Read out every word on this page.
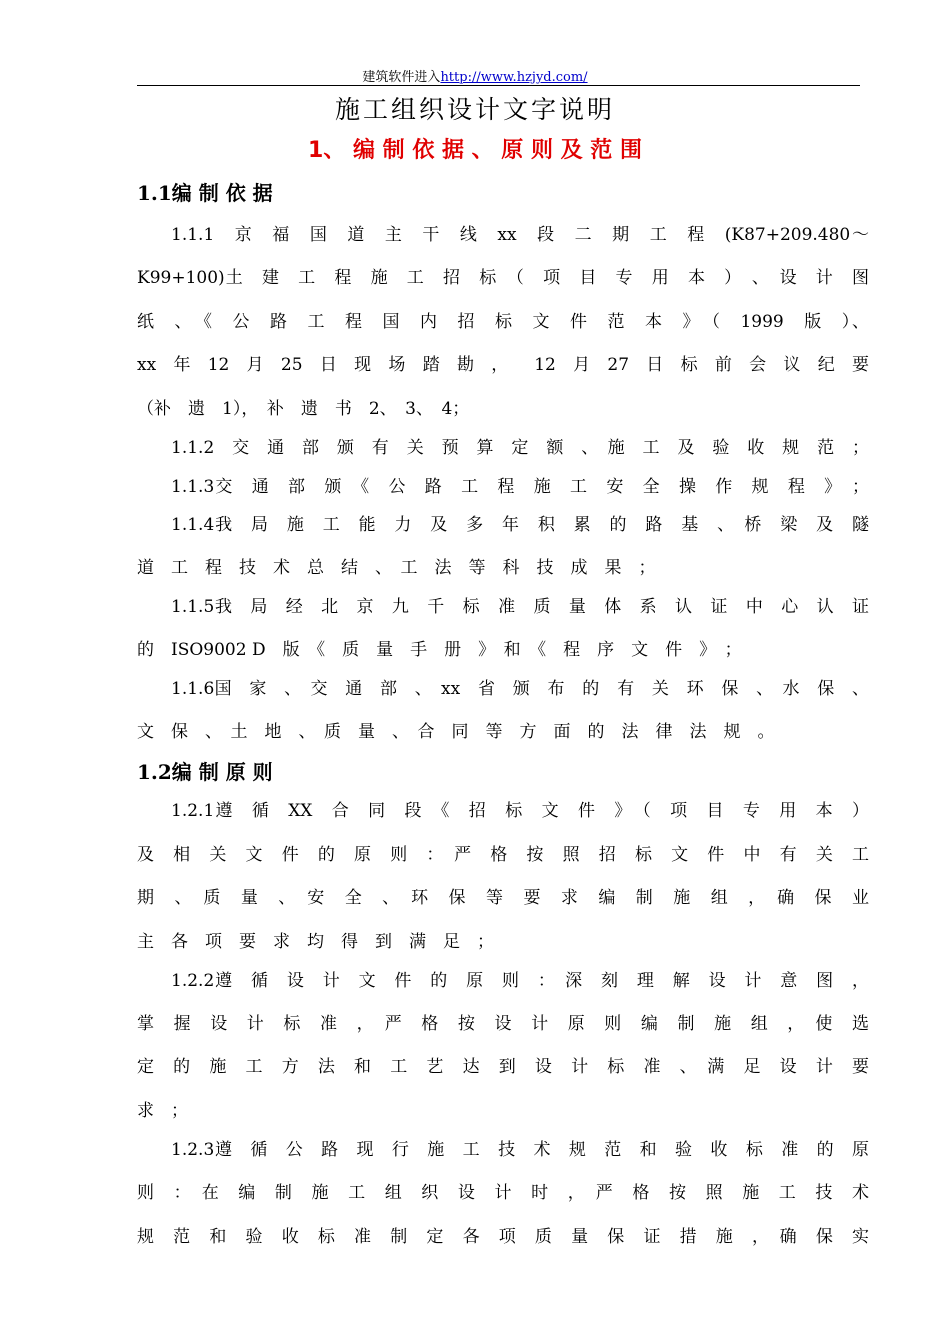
建筑软件进入http://www.hzjyd.com/
施工组织设计文字说明
1、 编 制 依 据 、 原 则 及 范 围
1.1编 制 依 据
1.1.1　京　福　国　道　主　干　线　xx　段　二　期　工　程　(K87+209.480～
K99+100)土　建　工　程　施　工　招　标　（　项　目　专　用　本　）　、　设　计　图
纸　、　《　公　路　工　程　国　内　招　标　文　件　范　本　》　（　1999　版　）、
xx　年　12　月　25　日　现　场　踏　勘　，　　12　月　27　日　标　前　会　议　纪　要
（补　遗　1），　补　遗　书　2、　3、　4；
1.1.2　交　通　部　颁　有　关　预　算　定　额　、　施　工　及　验　收　规　范　；
1.1.3交　通　部　颁　《　公　路　工　程　施　工　安　全　操　作　规　程　》　；
1.1.4我　局　施　工　能　力　及　多　年　积　累　的　路　基　、　桥　梁　及　隧
道　工　程　技　术　总　结　、　工　法　等　科　技　成　果　；
1.1.5我　局　经　北　京　九　千　标　准　质　量　体　系　认　证　中　心　认　证
的　ISO9002 D　版　《　质　量　手　册　》　和　《　程　序　文　件　》　；
1.1.6国　家　、　交　通　部　、　xx　省　颁　布　的　有　关　环　保　、　水　保　、
文　保　、　土　地　、　质　量　、　合　同　等　方　面　的　法　律　法　规　。
1.2编 制 原 则
1.2.1遵　循　XX　合　同　段　《　招　标　文　件　》　（　项　目　专　用　本　）
及　相　关　文　件　的　原　则　：　严　格　按　照　招　标　文　件　中　有　关　工
期　、　质　量　、　安　全　、　环　保　等　要　求　编　制　施　组　，　确　保　业
主　各　项　要　求　均　得　到　满　足　；
1.2.2遵　循　设　计　文　件　的　原　则　：　深　刻　理　解　设　计　意　图　，
掌　握　设　计　标　准　，　严　格　按　设　计　原　则　编　制　施　组　，　使　选
定　的　施　工　方　法　和　工　艺　达　到　设　计　标　准　、　满　足　设　计　要
求　；
1.2.3遵　循　公　路　现　行　施　工　技　术　规　范　和　验　收　标　准　的　原
则　：　在　编　制　施　工　组　织　设　计　时　，　严　格　按　照　施　工　技　术
规　范　和　验　收　标　准　制　定　各　项　质　量　保　证　措　施　，　确　保　实
